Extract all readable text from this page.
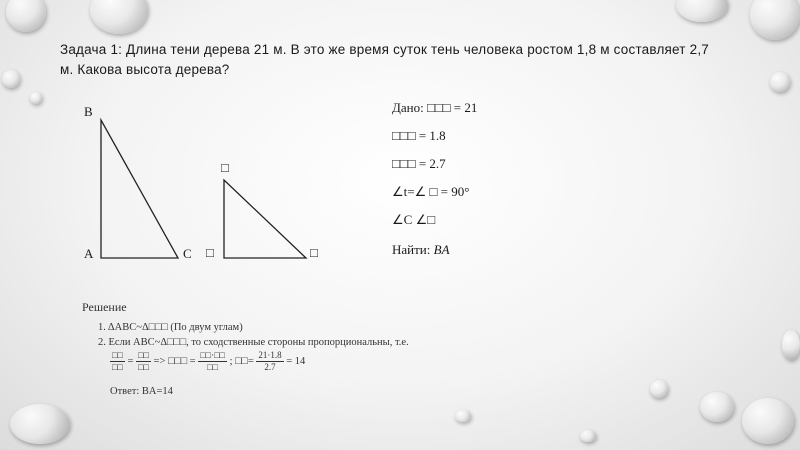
Задача 1: Длина тени дерева 21 м. В это же время суток тень человека ростом 1,8 м составляет 2,7
м. Какова высота дерева?
B
A	C
□
□	□
Дано: □□□ = 21
□□□ = 1.8
□□□ = 2.7
∠t=∠ □ = 90°
∠C ∠□
Найти: BA
Решение
1. ΔABC~Δ□□□ (По двум углам)
2. Если ABC~Δ□□□, то сходственные стороны пропорциональны, т.е.
$\frac{□□}{□□} = \frac{□□}{□□}$ => □□□ = $\frac{□□\cdot□□}{□□}$ ; □□= $\frac{21\cdot 1.8}{2.7} = 14$
Ответ: BA=14
